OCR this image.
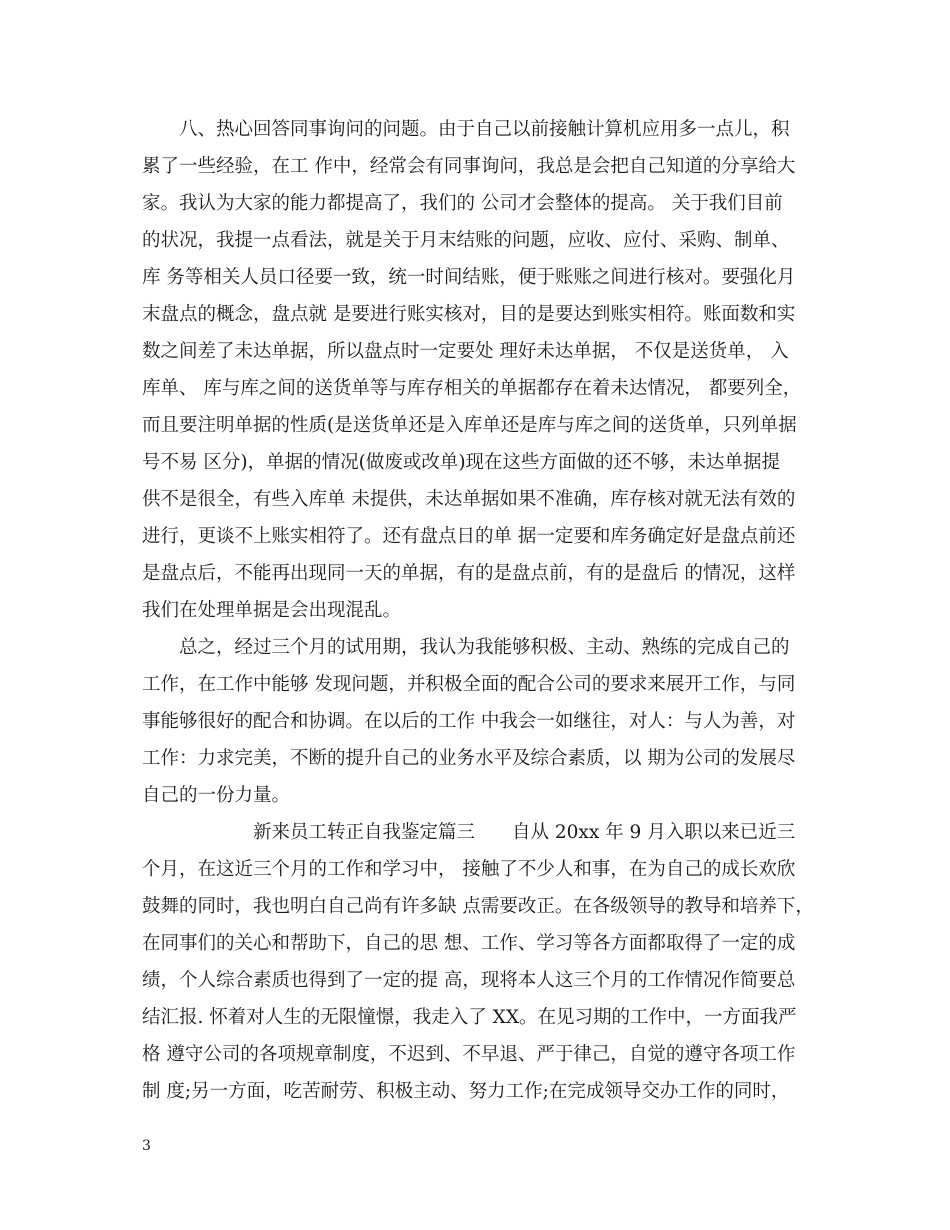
　　八、热心回答同事询问的问题。由于自己以前接触计算机应用多一点儿，积
累了一些经验，在工 作中，经常会有同事询问，我总是会把自己知道的分享给大
家。我认为大家的能力都提高了，我们的 公司才会整体的提高。 关于我们目前
的状况，我提一点看法，就是关于月末结账的问题，应收、应付、采购、制单、
库 务等相关人员口径要一致，统一时间结账，便于账账之间进行核对。要强化月
末盘点的概念，盘点就 是要进行账实核对，目的是要达到账实相符。账面数和实
数之间差了未达单据，所以盘点时一定要处 理好未达单据， 不仅是送货单， 入
库单、 库与库之间的送货单等与库存相关的单据都存在着未达情况， 都要列全，
而且要注明单据的性质(是送货单还是入库单还是库与库之间的送货单，只列单据
号不易 区分)，单据的情况(做废或改单)现在这些方面做的还不够，未达单据提
供不是很全，有些入库单 未提供，未达单据如果不准确，库存核对就无法有效的
进行，更谈不上账实相符了。还有盘点日的单 据一定要和库务确定好是盘点前还
是盘点后，不能再出现同一天的单据，有的是盘点前，有的是盘后 的情况，这样
我们在处理单据是会出现混乱。
　　总之，经过三个月的试用期，我认为我能够积极、主动、熟练的完成自己的
工作，在工作中能够 发现问题，并积极全面的配合公司的要求来展开工作，与同
事能够很好的配合和协调。在以后的工作 中我会一如继往，对人：与人为善，对
工作：力求完美，不断的提升自己的业务水平及综合素质，以 期为公司的发展尽
自己的一份力量。
　　　　　　新来员工转正自我鉴定篇三　　自从 20xx 年 9 月入职以来已近三
个月，在这近三个月的工作和学习中， 接触了不少人和事，在为自己的成长欢欣
鼓舞的同时，我也明白自己尚有许多缺 点需要改正。在各级领导的教导和培养下，
在同事们的关心和帮助下，自己的思 想、工作、学习等各方面都取得了一定的成
绩，个人综合素质也得到了一定的提 高，现将本人这三个月的工作情况作简要总
结汇报. 怀着对人生的无限憧憬，我走入了 XX。在见习期的工作中，一方面我严
格 遵守公司的各项规章制度，不迟到、不早退、严于律己，自觉的遵守各项工作
制 度;另一方面，吃苦耐劳、积极主动、努力工作;在完成领导交办工作的同时，
3
